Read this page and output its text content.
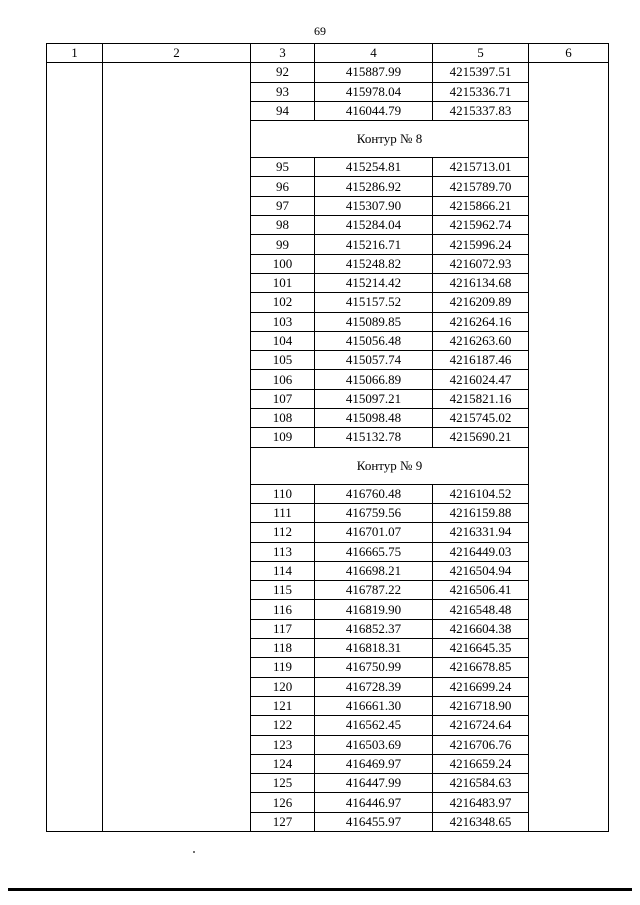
69
1	2	3	4	5	6
		92	415887.99	4215397.51	
		93	415978.04	4215336.71	
		94	416044.79	4215337.83	
		Контур № 8			
		95	415254.81	4215713.01	
		96	415286.92	4215789.70	
		97	415307.90	4215866.21	
		98	415284.04	4215962.74	
		99	415216.71	4215996.24	
		100	415248.82	4216072.93	
		101	415214.42	4216134.68	
		102	415157.52	4216209.89	
		103	415089.85	4216264.16	
		104	415056.48	4216263.60	
		105	415057.74	4216187.46	
		106	415066.89	4216024.47	
		107	415097.21	4215821.16	
		108	415098.48	4215745.02	
		109	415132.78	4215690.21	
		Контур № 9			
		110	416760.48	4216104.52	
		111	416759.56	4216159.88	
		112	416701.07	4216331.94	
		113	416665.75	4216449.03	
		114	416698.21	4216504.94	
		115	416787.22	4216506.41	
		116	416819.90	4216548.48	
		117	416852.37	4216604.38	
		118	416818.31	4216645.35	
		119	416750.99	4216678.85	
		120	416728.39	4216699.24	
		121	416661.30	4216718.90	
		122	416562.45	4216724.64	
		123	416503.69	4216706.76	
		124	416469.97	4216659.24	
		125	416447.99	4216584.63	
		126	416446.97	4216483.97	
		127	416455.97	4216348.65	
